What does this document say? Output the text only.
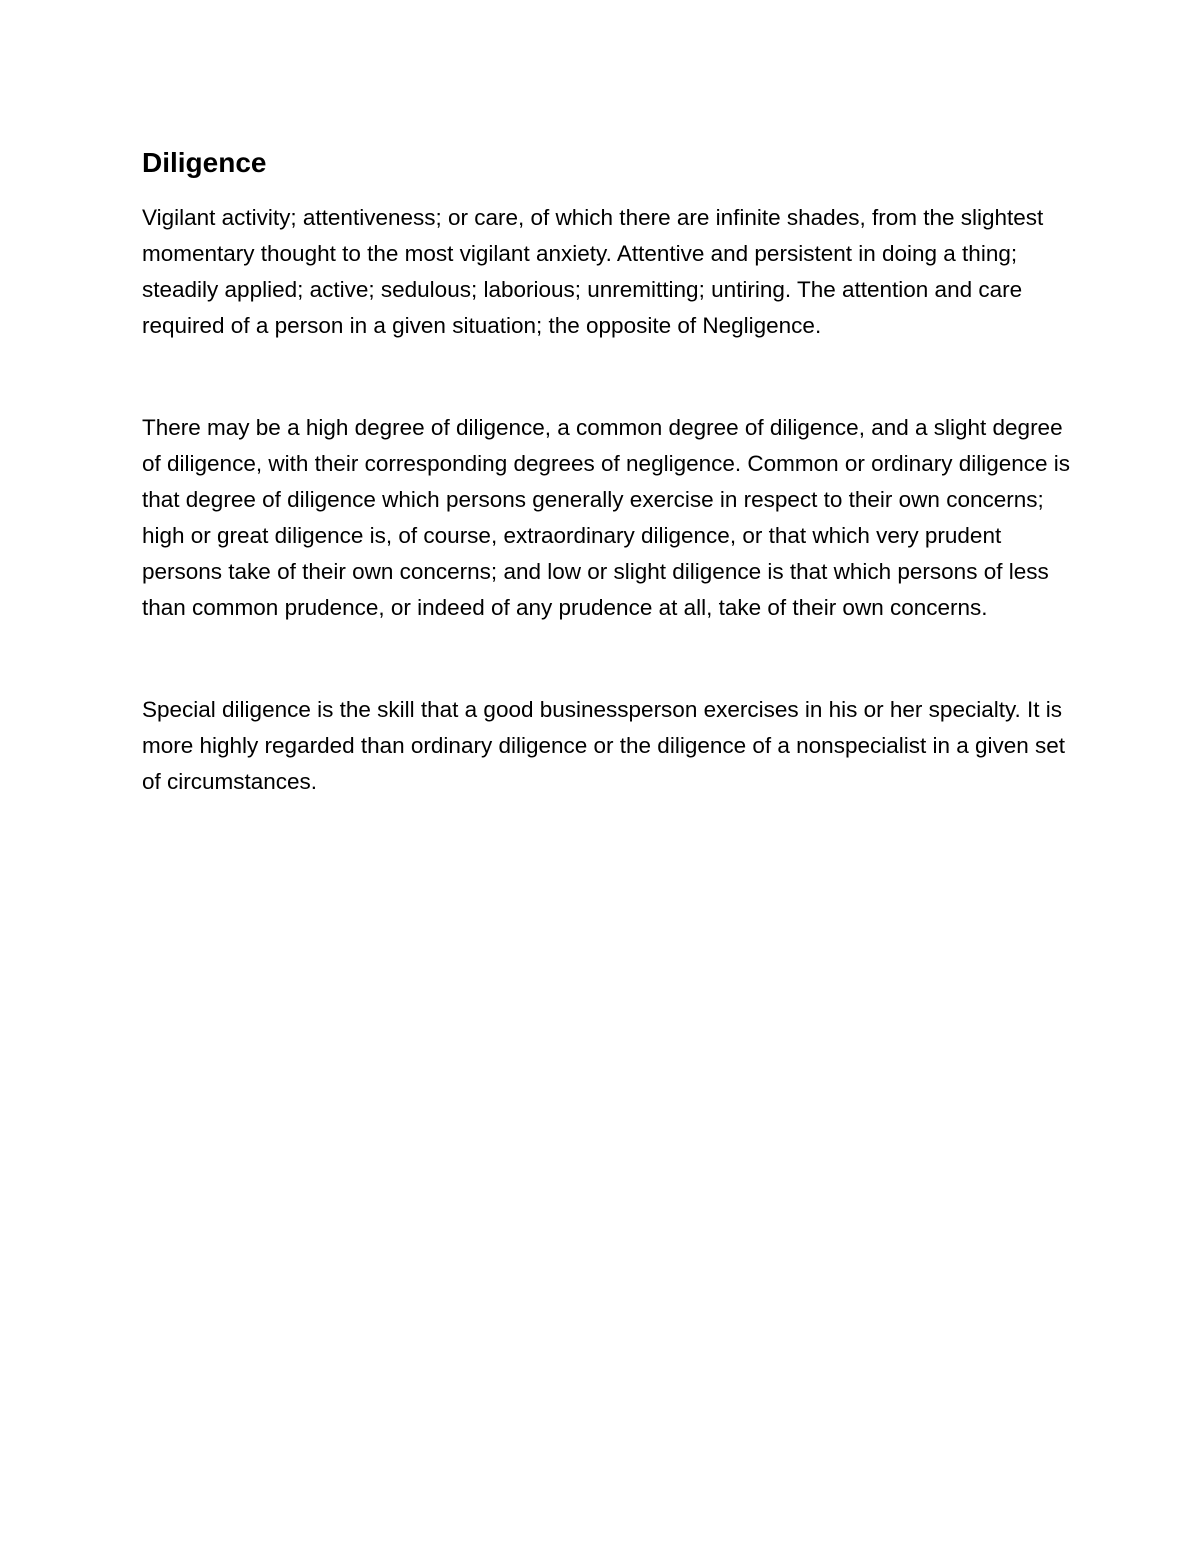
Diligence

Vigilant activity; attentiveness; or care, of which there are infinite shades, from the slightest momentary thought to the most vigilant anxiety. Attentive and persistent in doing a thing; steadily applied; active; sedulous; laborious; unremitting; untiring. The attention and care required of a person in a given situation; the opposite of Negligence.

There may be a high degree of diligence, a common degree of diligence, and a slight degree of diligence, with their corresponding degrees of negligence. Common or ordinary diligence is that degree of diligence which persons generally exercise in respect to their own concerns; high or great diligence is, of course, extraordinary diligence, or that which very prudent persons take of their own concerns; and low or slight diligence is that which persons of less than common prudence, or indeed of any prudence at all, take of their own concerns.

Special diligence is the skill that a good businessperson exercises in his or her specialty. It is more highly regarded than ordinary diligence or the diligence of a nonspecialist in a given set of circumstances.
